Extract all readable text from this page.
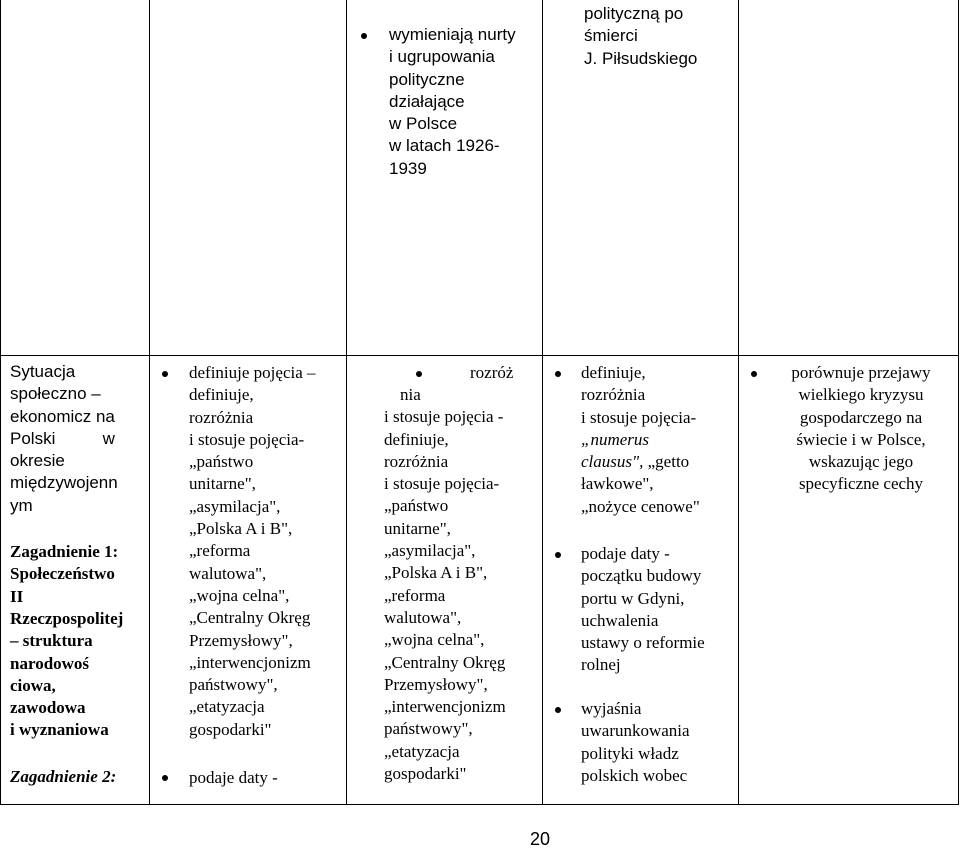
wymieniają nurty

i ugrupowania

polityczne

działające

w Polsce

w latach 1926-

1939

polityczną po

śmierci

J. Piłsudskiego

Sytuacja

społeczno –

ekonomicz na

Polski          w

okresie

międzywojenn

ym

Zagadnienie 1:

Społeczeństwo

II

Rzeczpospolitej

– struktura

narodowoś

ciowa,

zawodowa

i wyznaniowa

Zagadnienie 2:

definiuje pojęcia –

definiuje,

rozróżnia

i stosuje pojęcia-

„państwo

unitarne",

„asymilacja",

„Polska A i B",

„reforma

walutowa",

„wojna celna",

„Centralny Okręg

Przemysłowy",

„interwencjonizm

państwowy",

„etatyzacja

gospodarki"

podaje daty -
rozróż

nia

i stosuje pojęcia -

definiuje,

rozróżnia

i stosuje pojęcia-

„państwo

unitarne",

„asymilacja",

„Polska A i B",

„reforma

walutowa",

„wojna celna",

„Centralny Okręg

Przemysłowy",

„interwencjonizm

państwowy",

„etatyzacja

gospodarki"

definiuje,

rozróżnia

i stosuje pojęcia-

„numerus

clausus", „getto

ławkowe",

„nożyce cenowe"

podaje daty -

początku budowy

portu w Gdyni,

uchwalenia

ustawy o reformie

rolnej

wyjaśnia

uwarunkowania

polityki władz

polskich wobec

porównuje przejawy

wielkiego kryzysu

gospodarczego na

świecie i w Polsce,

wskazując jego

specyficzne cechy

20
